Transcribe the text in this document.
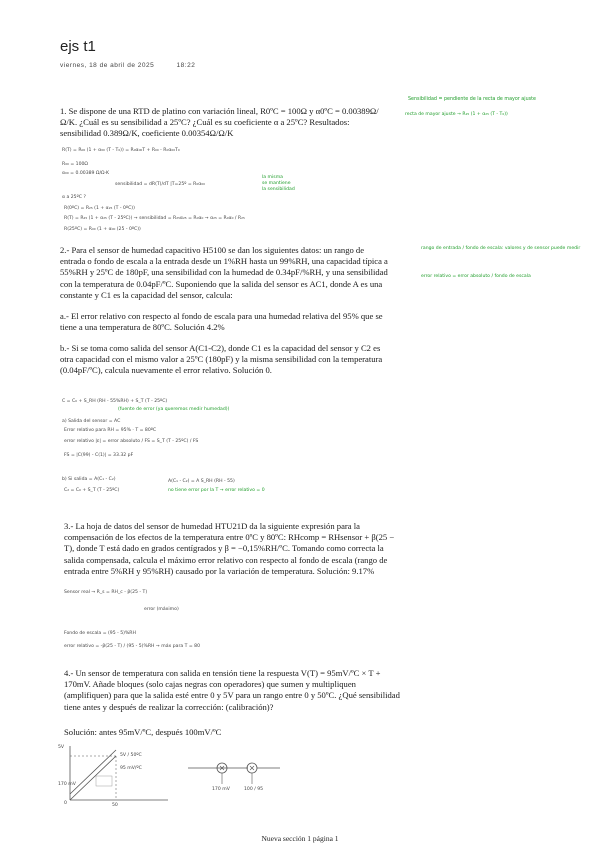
ejs t1
viernes, 18 de abril de 2025	18:22
1. Se dispone de una RTD de platino con variación lineal, R0ºC = 100Ω y α0ºC = 0.00389Ω/Ω/K. ¿Cuál es su sensibilidad a 25ºC? ¿Cuál es su coeficiente α a 25ºC? Resultados: sensibilidad 0.389Ω/K, coeficiente 0.00354Ω/Ω/K
R(T) = R₀₀ (1 + α₀₀ (T - T₀)) = R₀α₀₀T + R₀₀ - R₀α₀₀T₀
R₀₀ = 100Ω
α₀₀ = 0.00389 Ω/Ω·K
sensibilidad = dR(T)/dT |T=25º = R₀α₀₀
α a 25ºC ?
R(0ºC) = R₂₅ (1 + α₂₅ (T - 0ºC))
R(T) = R₂₅ (1 + α₂₅ (T - 25ºC)) → sensibilidad = R₂₅α₂₅ = R₀α₀ → α₂₅ = R₀α₀ / R₂₅
R(25ºC) = R₀₀ (1 + α₀₀ (25 - 0ºC))
la misma
se mantiene
la sensibilidad
Sensibilidad = pendiente de la recta de mayor ajuste
recta de mayor ajuste → R₂₅ (1 + α₂₅ (T - T₀))
rango de entrada / fondo de escala: valores y de sensor puede medir
error relativo = error absoluto / fondo de escala
2.- Para el sensor de humedad capacitivo H5100 se dan los siguientes datos: un rango de entrada o fondo de escala a la entrada desde un 1%RH hasta un 99%RH, una capacidad típica a 55%RH y 25ºC de 180pF, una sensibilidad con la humedad de 0.34pF/%RH, y una sensibilidad con la temperatura de 0.04pF/ºC. Suponiendo que la salida del sensor es AC1, donde A es una constante y C1 es la capacidad del sensor, calcula:
a.- El error relativo con respecto al fondo de escala para una humedad relativa del 95% que se tiene a una temperatura de 80ºC. Solución 4.2%
b.- Si se toma como salida del sensor A(C1-C2), donde C1 es la capacidad del sensor y C2 es otra capacidad con el mismo valor a 25ºC (180pF) y la misma sensibilidad con la temperatura (0.04pF/ºC), calcula nuevamente el error relativo. Solución 0.
C = C₀ + S_RH (RH - 55%RH) + S_T (T - 25ºC)
(fuente de error (ya queremos medir humedad))
a) Salida del sensor = AC
Error relativo para RH = 95% · T = 80ºC
error relativo |ε| = error absoluto / FS = S_T (T - 25ºC) / FS
FS = |C(99) - C(1)| = 33.32 pF
b) Si salida = A(C₁ - C₂)
C₂ = C₀ + S_T (T - 25ºC)
A(C₁ - C₂) = A S_RH (RH - 55)
no tiene error por la T → error relativo = 0
3.- La hoja de datos del sensor de humedad HTU21D da la siguiente expresión para la compensación de los efectos de la temperatura entre 0ºC y 80ºC: RHcomp = RHsensor + β(25 − T), donde T está dado en grados centígrados y β = −0,15%RH/ºC. Tomando como correcta la salida compensada, calcula el máximo error relativo con respecto al fondo de escala (rango de entrada entre 5%RH y 95%RH) causado por la variación de temperatura. Solución: 9.17%
Sensor real → R_s = RH_c - β(25 - T)
error (máximo)
Fondo de escala = (95 - 5)%RH
error relativo = -β(25 - T) / (95 - 5)%RH → máx para T = 80
4.- Un sensor de temperatura con salida en tensión tiene la respuesta V(T) = 95mV/ºC × T + 170mV. Añade bloques (solo cajas negras con operadores) que sumen y multipliquen (amplifiquen) para que la salida esté entre 0 y 5V para un rango entre 0 y 50ºC. ¿Qué sensibilidad tiene antes y después de realizar la corrección: (calibración)?
Solución: antes 95mV/ºC, después 100mV/ºC
5V
5V / 50ºC
95 mV/ºC
170 mV
0	50
170 mV	100 / 95
Nueva sección 1 página 1
